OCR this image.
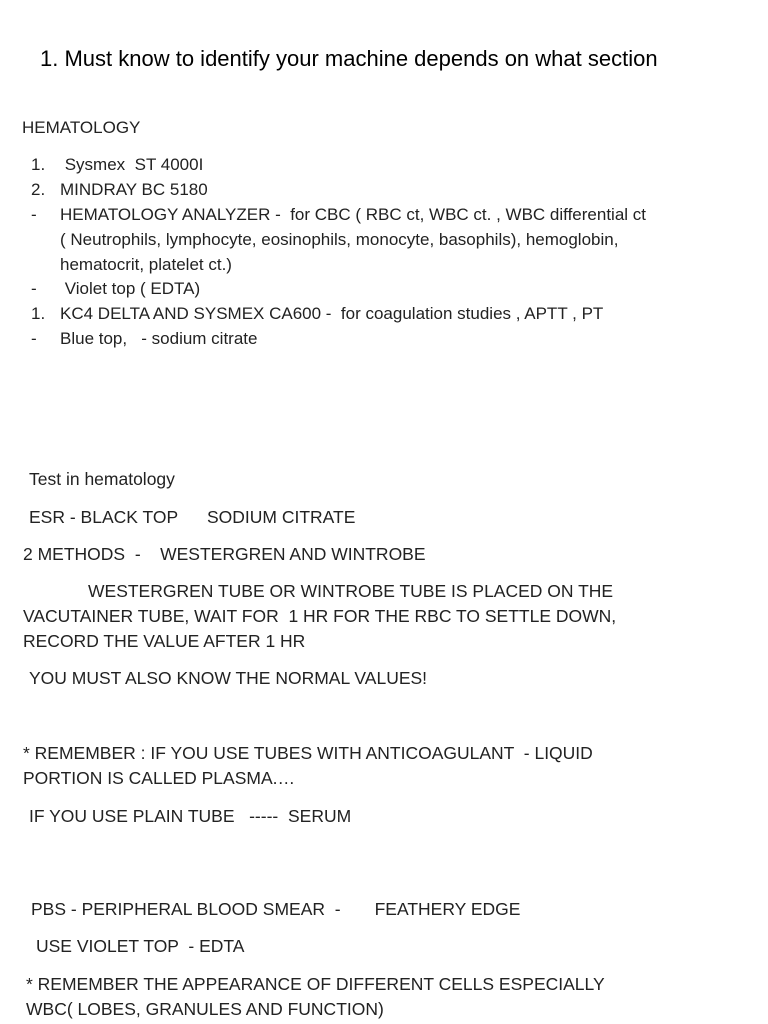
1. Must know to identify your machine depends on what section

HEMATOLOGY

1. Sysmex  ST 4000I
2. MINDRAY BC 5180
- HEMATOLOGY ANALYZER -  for CBC ( RBC ct, WBC ct. , WBC differential ct
( Neutrophils, lymphocyte, eosinophils, monocyte, basophils), hemoglobin,
hematocrit, platelet ct.)
- Violet top ( EDTA)
1. KC4 DELTA AND SYSMEX CA600 -  for coagulation studies , APTT , PT
- Blue top,   - sodium citrate

Test in hematology

ESR - BLACK TOP      SODIUM CITRATE

2 METHODS  -    WESTERGREN AND WINTROBE

WESTERGREN TUBE OR WINTROBE TUBE IS PLACED ON THE

VACUTAINER TUBE, WAIT FOR  1 HR FOR THE RBC TO SETTLE DOWN,

RECORD THE VALUE AFTER 1 HR

YOU MUST ALSO KNOW THE NORMAL VALUES!

* REMEMBER : IF YOU USE TUBES WITH ANTICOAGULANT  - LIQUID

PORTION IS CALLED PLASMA.…

IF YOU USE PLAIN TUBE   -----  SERUM

PBS - PERIPHERAL BLOOD SMEAR  -       FEATHERY EDGE

USE VIOLET TOP  - EDTA

* REMEMBER THE APPEARANCE OF DIFFERENT CELLS ESPECIALLY

WBC( LOBES, GRANULES AND FUNCTION)
